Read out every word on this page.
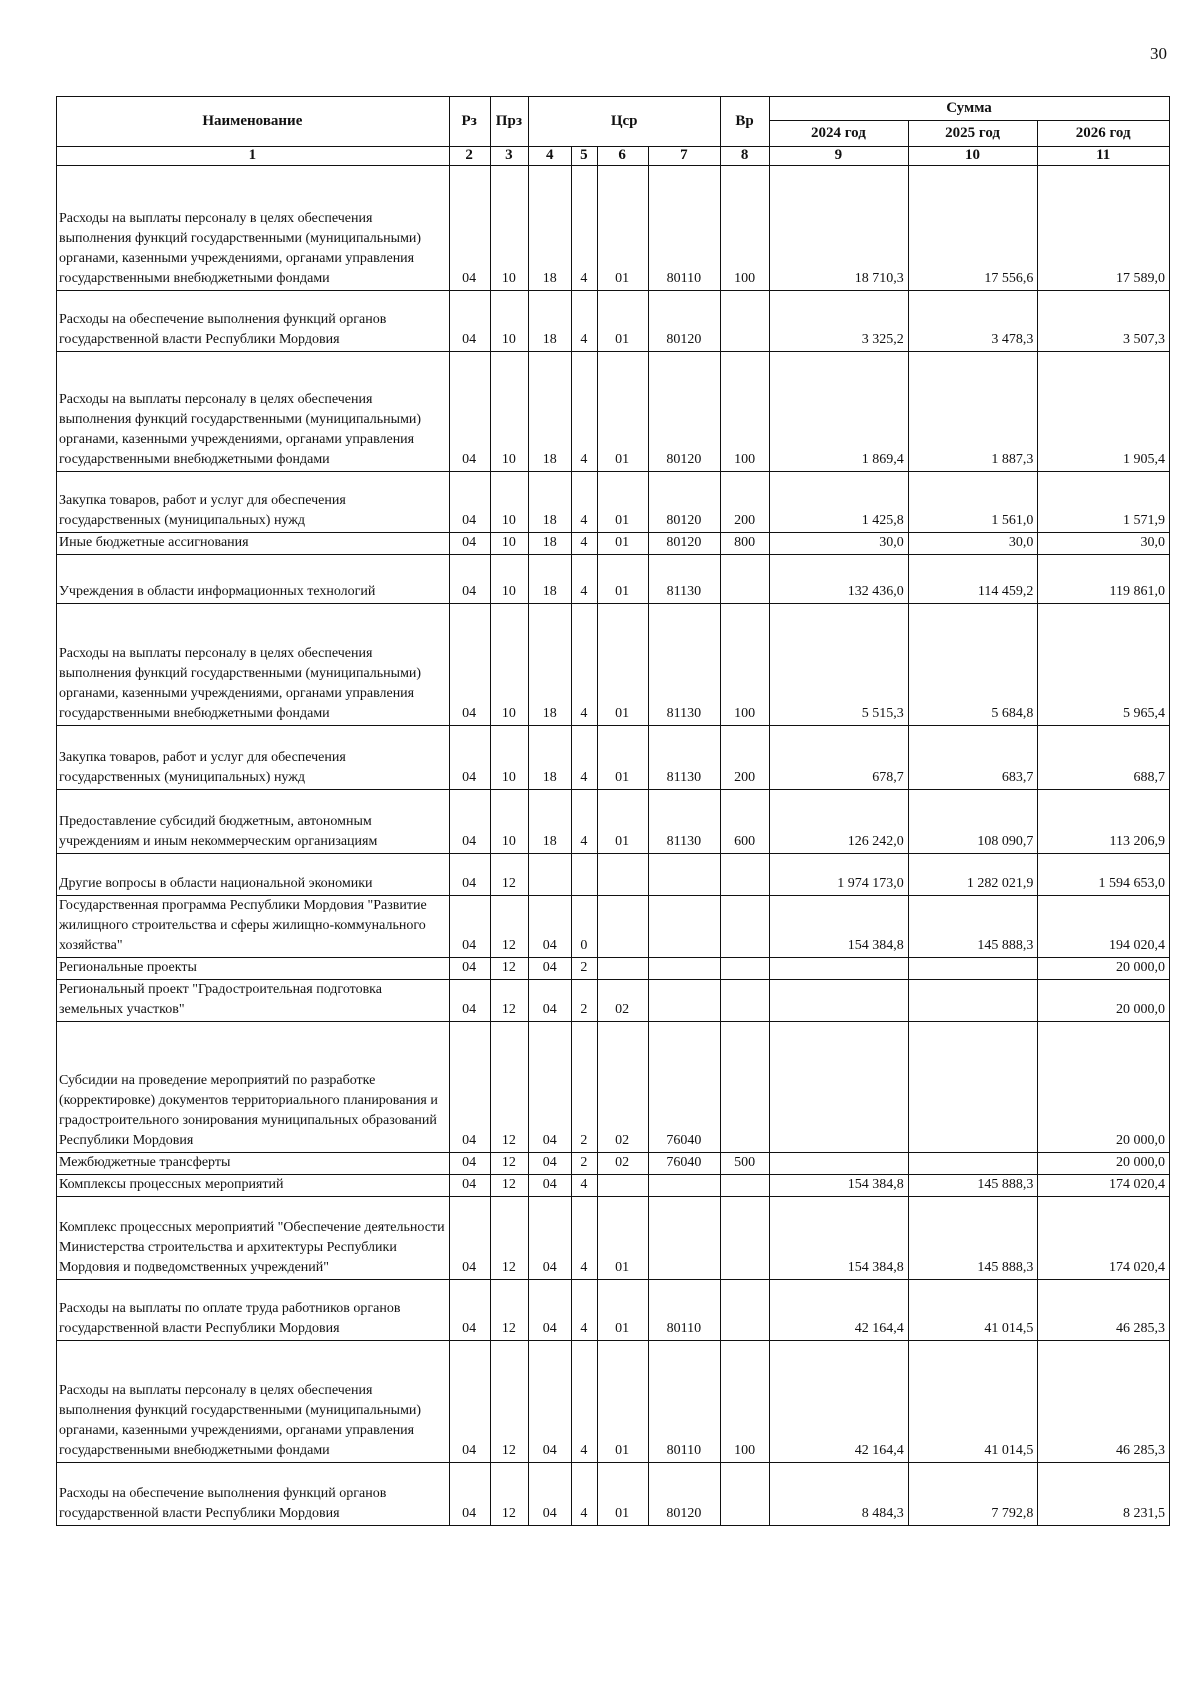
30
Наименование	Рз	Прз	Цср				Вр	Сумма		
								2024 год	2025 год	2026 год
1	2	3	4	5	6	7	8	9	10	11
Расходы на выплаты персоналу в целях обеспечения выполнения функций государственными (муниципальными) органами, казенными учреждениями, органами управления государственными внебюджетными фондами	04	10	18	4	01	80110	100	18 710,3	17 556,6	17 589,0
Расходы на обеспечение выполнения функций органов государственной власти Республики Мордовия	04	10	18	4	01	80120		3 325,2	3 478,3	3 507,3
Расходы на выплаты персоналу в целях обеспечения выполнения функций государственными (муниципальными) органами, казенными учреждениями, органами управления государственными внебюджетными фондами	04	10	18	4	01	80120	100	1 869,4	1 887,3	1 905,4
Закупка товаров, работ и услуг для обеспечения государственных (муниципальных) нужд	04	10	18	4	01	80120	200	1 425,8	1 561,0	1 571,9
Иные бюджетные ассигнования	04	10	18	4	01	80120	800	30,0	30,0	30,0
Учреждения в области информационных технологий	04	10	18	4	01	81130		132 436,0	114 459,2	119 861,0
Расходы на выплаты персоналу в целях обеспечения выполнения функций государственными (муниципальными) органами, казенными учреждениями, органами управления государственными внебюджетными фондами	04	10	18	4	01	81130	100	5 515,3	5 684,8	5 965,4
Закупка товаров, работ и услуг для обеспечения государственных (муниципальных) нужд	04	10	18	4	01	81130	200	678,7	683,7	688,7
Предоставление субсидий бюджетным, автономным учреждениям и иным некоммерческим организациям	04	10	18	4	01	81130	600	126 242,0	108 090,7	113 206,9
Другие вопросы в области национальной экономики	04	12						1 974 173,0	1 282 021,9	1 594 653,0
Государственная программа Республики Мордовия "Развитие жилищного строительства и сферы жилищно-коммунального хозяйства"	04	12	04	0				154 384,8	145 888,3	194 020,4
Региональные проекты	04	12	04	2						20 000,0
Региональный проект "Градостроительная подготовка земельных участков"	04	12	04	2	02					20 000,0
Субсидии на проведение мероприятий по разработке (корректировке) документов территориального планирования и градостроительного зонирования муниципальных образований Республики Мордовия	04	12	04	2	02	76040				20 000,0
Межбюджетные трансферты	04	12	04	2	02	76040	500			20 000,0
Комплексы процессных мероприятий	04	12	04	4				154 384,8	145 888,3	174 020,4
Комплекс процессных мероприятий "Обеспечение деятельности Министерства строительства и архитектуры Республики Мордовия и подведомственных учреждений"	04	12	04	4	01			154 384,8	145 888,3	174 020,4
Расходы на выплаты по оплате труда работников органов государственной власти Республики Мордовия	04	12	04	4	01	80110		42 164,4	41 014,5	46 285,3
Расходы на выплаты персоналу в целях обеспечения выполнения функций государственными (муниципальными) органами, казенными учреждениями, органами управления государственными внебюджетными фондами	04	12	04	4	01	80110	100	42 164,4	41 014,5	46 285,3
Расходы на обеспечение выполнения функций органов государственной власти Республики Мордовия	04	12	04	4	01	80120		8 484,3	7 792,8	8 231,5
